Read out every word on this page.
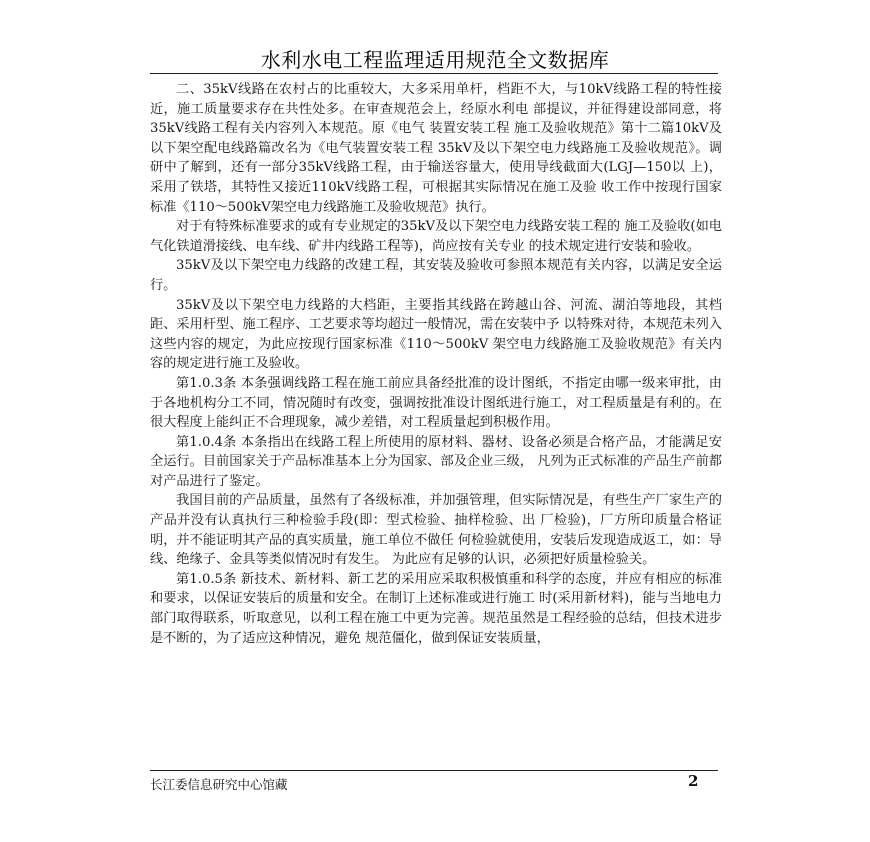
水利水电工程监理适用规范全文数据库

二、35kV线路在农村占的比重较大，大多采用单杆，档距不大，与10kV线路工程的特性接近，施工质量要求存在共性处多。在审查规范会上，经原水利电 部提议，并征得建设部同意，将35kV线路工程有关内容列入本规范。原《电气 装置安装工程 施工及验收规范》第十二篇10kV及以下架空配电线路篇改名为《电气装置安装工程 35kV及以下架空电力线路施工及验收规范》。调研中了解到，还有一部分35kV线路工程，由于输送容量大，使用导线截面大(LGJ—150以 上)，采用了铁塔，其特性又接近110kV线路工程，可根据其实际情况在施工及验 收工作中按现行国家标准《110～500kV架空电力线路施工及验收规范》执行。

对于有特殊标准要求的或有专业规定的35kV及以下架空电力线路安装工程的 施工及验收(如电气化铁道滑接线、电车线、矿井内线路工程等)，尚应按有关专业 的技术规定进行安装和验收。

35kV及以下架空电力线路的改建工程，其安装及验收可参照本规范有关内容，以满足安全运行。

35kV及以下架空电力线路的大档距，主要指其线路在跨越山谷、河流、湖泊等地段，其档距、采用杆型、施工程序、工艺要求等均超过一般情况，需在安装中予 以特殊对待，本规范未列入这些内容的规定，为此应按现行国家标准《110～500kV 架空电力线路施工及验收规范》有关内容的规定进行施工及验收。

第1.0.3条 本条强调线路工程在施工前应具备经批准的设计图纸，不指定由哪一级来审批，由于各地机构分工不同，情况随时有改变，强调按批准设计图纸进行施工，对工程质量是有利的。在很大程度上能纠正不合理现象，减少差错，对工程质量起到积极作用。

第1.0.4条 本条指出在线路工程上所使用的原材料、器材、设备必须是合格产品，才能满足安全运行。目前国家关于产品标准基本上分为国家、部及企业三级， 凡列为正式标准的产品生产前都对产品进行了鉴定。

我国目前的产品质量，虽然有了各级标准，并加强管理，但实际情况是，有些生产厂家生产的产品并没有认真执行三种检验手段(即：型式检验、抽样检验、出 厂检验)，厂方所印质量合格证明，并不能证明其产品的真实质量，施工单位不做任 何检验就使用，安装后发现造成返工，如：导线、绝缘子、金具等类似情况时有发生。 为此应有足够的认识，必须把好质量检验关。

第1.0.5条 新技术、新材料、新工艺的采用应采取积极慎重和科学的态度，并应有相应的标准和要求，以保证安装后的质量和安全。在制订上述标准或进行施工 时(采用新材料)，能与当地电力部门取得联系，听取意见，以利工程在施工中更为完善。规范虽然是工程经验的总结，但技术进步是不断的，为了适应这种情况，避免 规范僵化，做到保证安装质量，

长江委信息研究中心馆藏	2
